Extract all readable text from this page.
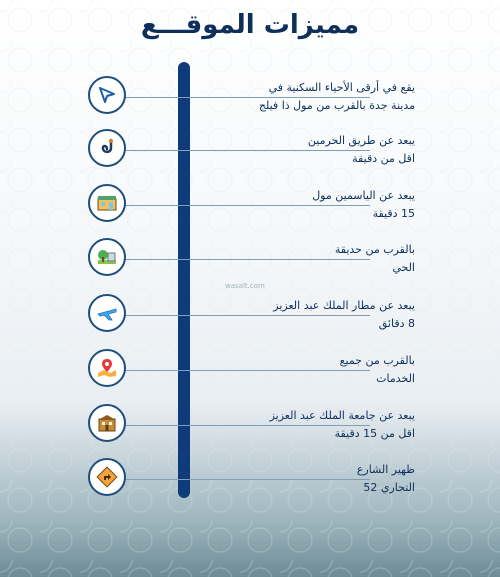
مميزات الموقـــع
wasalt.com
يقع في أرقى الأحياء السكنية في
مدينة جدة بالقرب من مول ذا فيلج
يبعد عن طريق الحرمين
اقل من دقيقة
يبعد عن الياسمين مول
15 دقيقة
بالقرب من حديقة
الحي
يبعد عن مطار الملك عبد العزيز
8 دقائق
بالقرب من جميع
الخدمات
يبعد عن جامعة الملك عبد العزيز
اقل من 15 دقيقة
ظهير الشارع
التجاري 52
